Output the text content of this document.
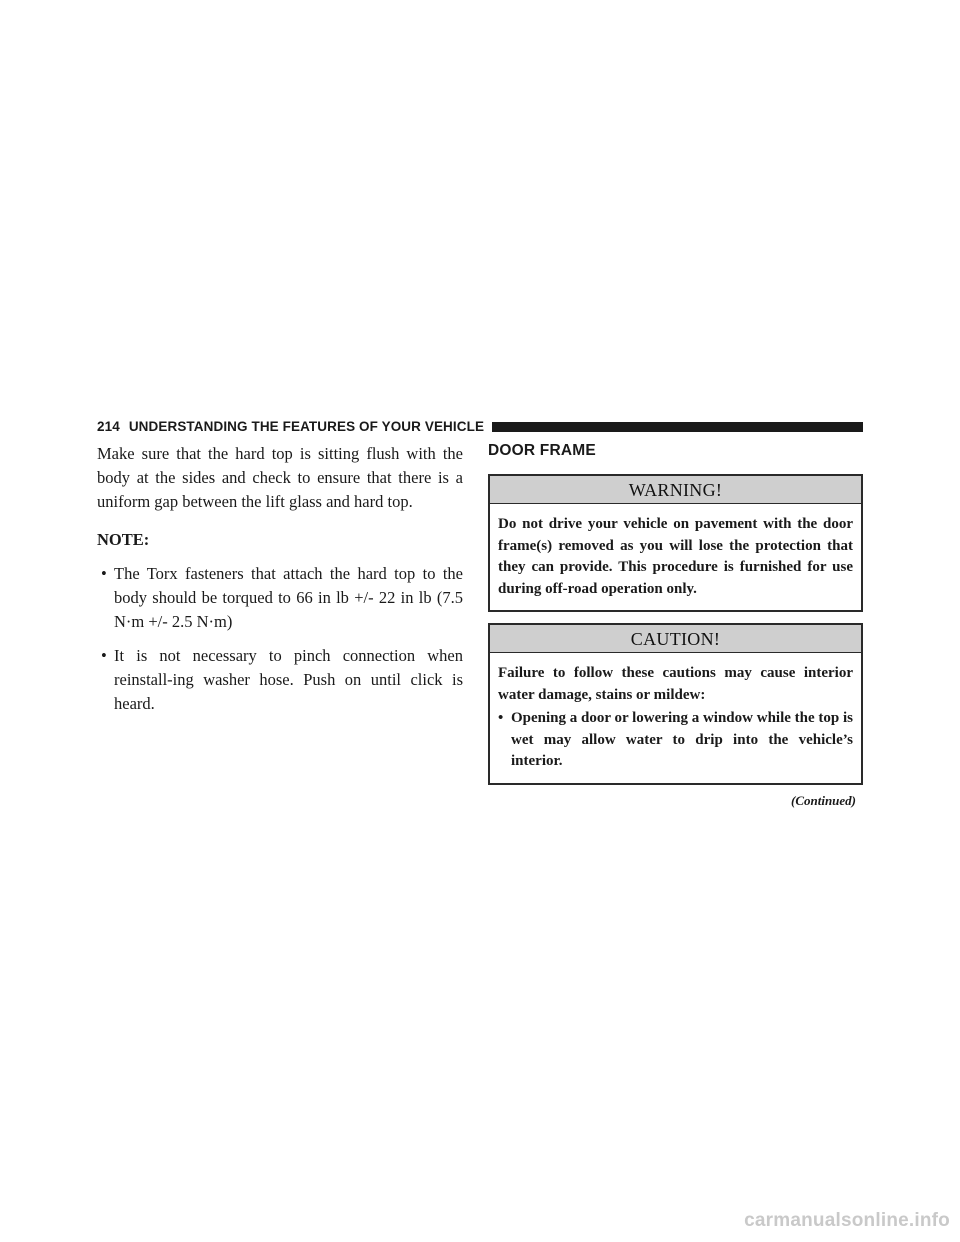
214 UNDERSTANDING THE FEATURES OF YOUR VEHICLE

Make sure that the hard top is sitting flush with the body at the sides and check to ensure that there is a uniform gap between the lift glass and hard top.

NOTE:

• The Torx fasteners that attach the hard top to the body should be torqued to 66 in lb +/- 22 in lb (7.5 N·m +/- 2.5 N·m)
• It is not necessary to pinch connection when reinstall-ing washer hose. Push on until click is heard.
DOOR FRAME
WARNING!

Do not drive your vehicle on pavement with the door frame(s) removed as you will lose the protection that they can provide. This procedure is furnished for use during off-road operation only.

CAUTION!

Failure to follow these cautions may cause interior water damage, stains or mildew:

• Opening a door or lowering a window while the top is wet may allow water to drip into the vehicle’s interior.
(Continued)
carmanualsonline.info
